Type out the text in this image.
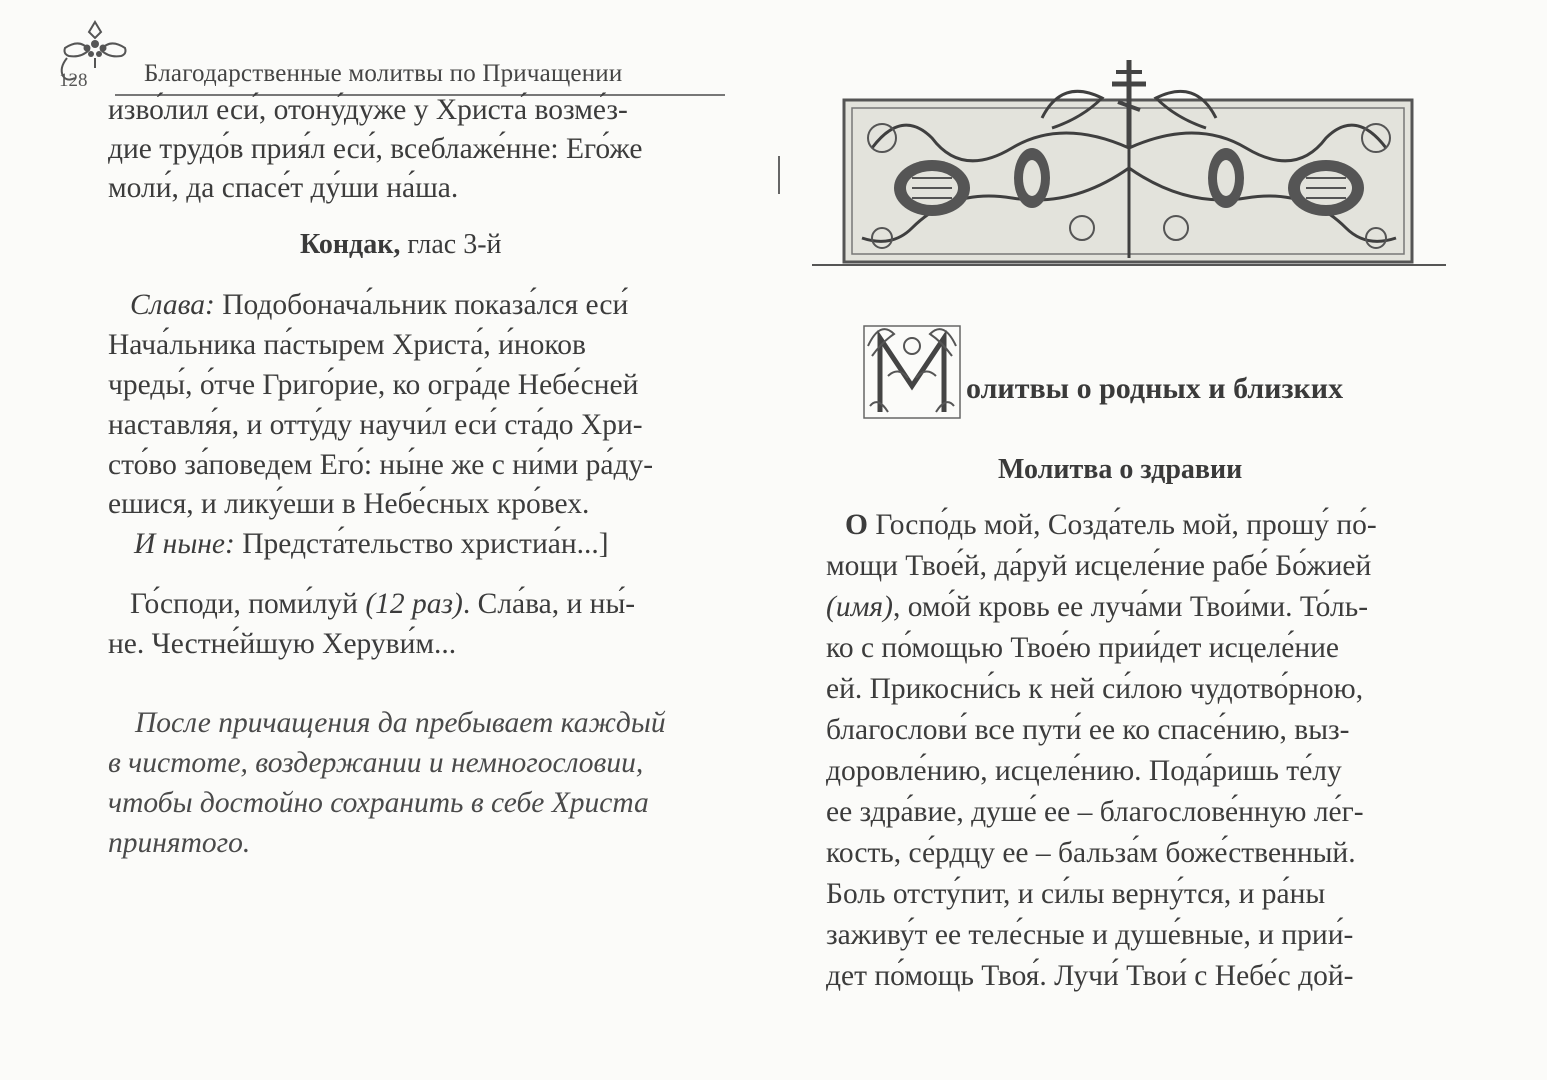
128 Благодарственные молитвы по Причащении
изво́лил еси́, отону́дуже у Христа́ возме́з-
дие трудо́в прия́л еси́, всеблаже́нне: Его́же
моли́, да спасе́т ду́ши на́ша.
Кондак, глас 3-й
Слава: Подобонача́льник показа́лся еси́
Нача́льника па́стырем Христа́, и́ноков
чреды́, о́тче Григо́рие, ко огра́де Небе́сней
наставля́я, и отту́ду научи́л еси́ ста́до Хри-
сто́во за́поведем Его́: ны́не же с ни́ми ра́ду-
ешися, и лику́еши в Небе́сных кро́вех.
И ныне: Предста́тельство христиа́н...]
Го́споди, поми́луй (12 раз). Сла́ва, и ны́-
не. Честне́йшую Херуви́м...
После причащения да пребывает каждый
в чистоте, воздержании и немногословии,
чтобы достойно сохранить в себе Христа
принятого.
олитвы о родных и близких
Молитва о здравии
О Госпо́дь мой, Созда́тель мой, прошу́ по́-
мощи Твое́й, да́руй исцеле́ние рабе́ Бо́жией
(имя), омо́й кровь ее луча́ми Твои́ми. То́ль-
ко с по́мощью Твое́ю прии́дет исцеле́ние
ей. Прикосни́сь к ней си́лою чудотво́рною,
благослови́ все пути́ ее ко спасе́нию, выз-
доровле́нию, исцеле́нию. Пода́ришь те́лу
ее здра́вие, душе́ ее – благослове́нную ле́г-
кость, се́рдцу ее – бальза́м боже́ственный.
Боль отсту́пит, и си́лы верну́тся, и ра́ны
заживу́т ее теле́сные и душе́вные, и прии́-
дет по́мощь Твоя́. Лучи́ Твои́ с Небе́с дой-
